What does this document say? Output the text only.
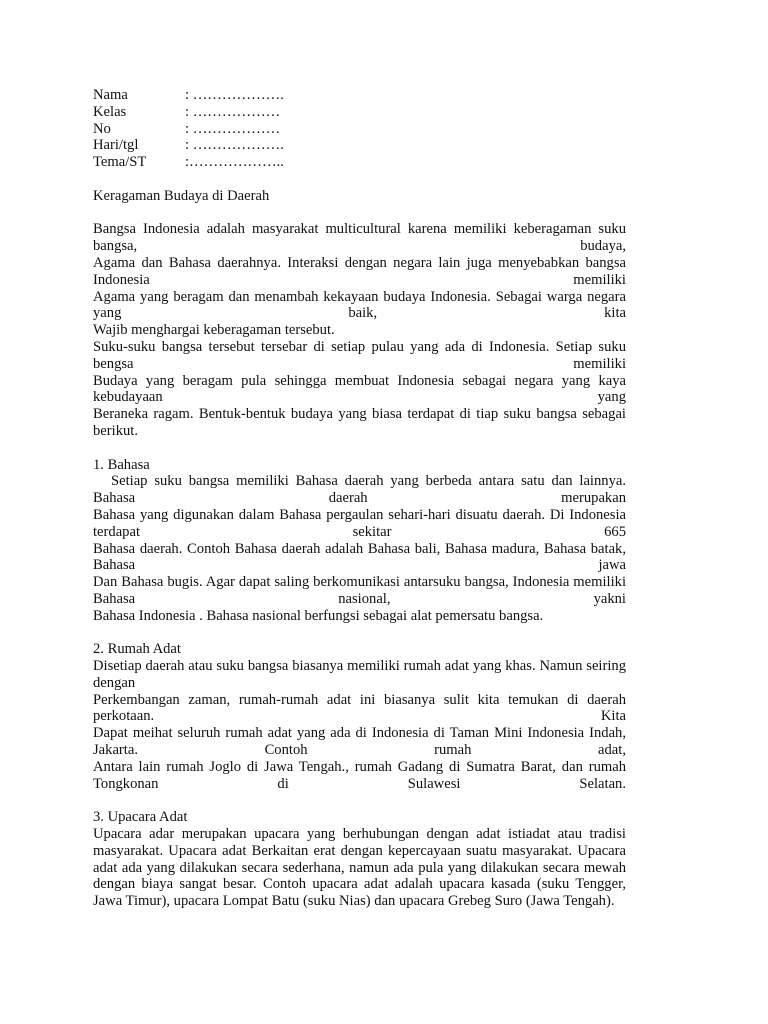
Nama	: ……………….
Kelas	: ………………
No	: ………………
Hari/tgl	: ……………….
Tema/ST	:………………..
Keragaman Budaya di Daerah
Bangsa Indonesia adalah masyarakat multicultural karena memiliki keberagaman suku bangsa, budaya,
Agama dan Bahasa daerahnya. Interaksi dengan negara lain juga menyebabkan bangsa Indonesia memiliki
Agama yang beragam dan menambah kekayaan budaya Indonesia. Sebagai warga negara yang baik, kita
Wajib menghargai keberagaman tersebut.
Suku-suku bangsa tersebut tersebar di setiap pulau yang ada di Indonesia. Setiap suku bengsa memiliki
Budaya yang beragam pula sehingga membuat Indonesia sebagai negara yang kaya kebudayaan yang
Beraneka ragam. Bentuk-bentuk budaya yang biasa terdapat di tiap suku bangsa sebagai berikut.
1. Bahasa
Setiap suku bangsa memiliki Bahasa daerah yang berbeda antara satu dan lainnya. Bahasa daerah merupakan
Bahasa yang digunakan dalam Bahasa pergaulan sehari-hari disuatu daerah. Di Indonesia terdapat sekitar 665
Bahasa daerah. Contoh Bahasa daerah adalah Bahasa bali, Bahasa madura, Bahasa batak, Bahasa jawa
Dan Bahasa bugis. Agar dapat saling berkomunikasi antarsuku bangsa, Indonesia memiliki Bahasa nasional, yakni
Bahasa Indonesia . Bahasa nasional berfungsi sebagai alat pemersatu bangsa.
2. Rumah Adat
Disetiap daerah atau suku bangsa biasanya memiliki rumah adat yang khas. Namun seiring dengan
Perkembangan zaman, rumah-rumah adat ini biasanya sulit kita temukan di daerah perkotaan. Kita
Dapat meihat seluruh rumah adat yang ada di Indonesia di Taman Mini Indonesia Indah, Jakarta. Contoh rumah adat,
Antara lain rumah Joglo di Jawa Tengah., rumah Gadang di Sumatra Barat, dan rumah Tongkonan di Sulawesi Selatan.
3. Upacara Adat
Upacara adar merupakan upacara yang berhubungan dengan adat istiadat atau tradisi masyarakat. Upacara adat Berkaitan erat dengan kepercayaan suatu masyarakat. Upacara adat ada yang dilakukan secara sederhana, namun ada pula yang dilakukan secara mewah dengan biaya sangat besar. Contoh upacara adat adalah upacara kasada (suku Tengger, Jawa Timur), upacara Lompat Batu (suku Nias) dan upacara Grebeg Suro (Jawa Tengah).
